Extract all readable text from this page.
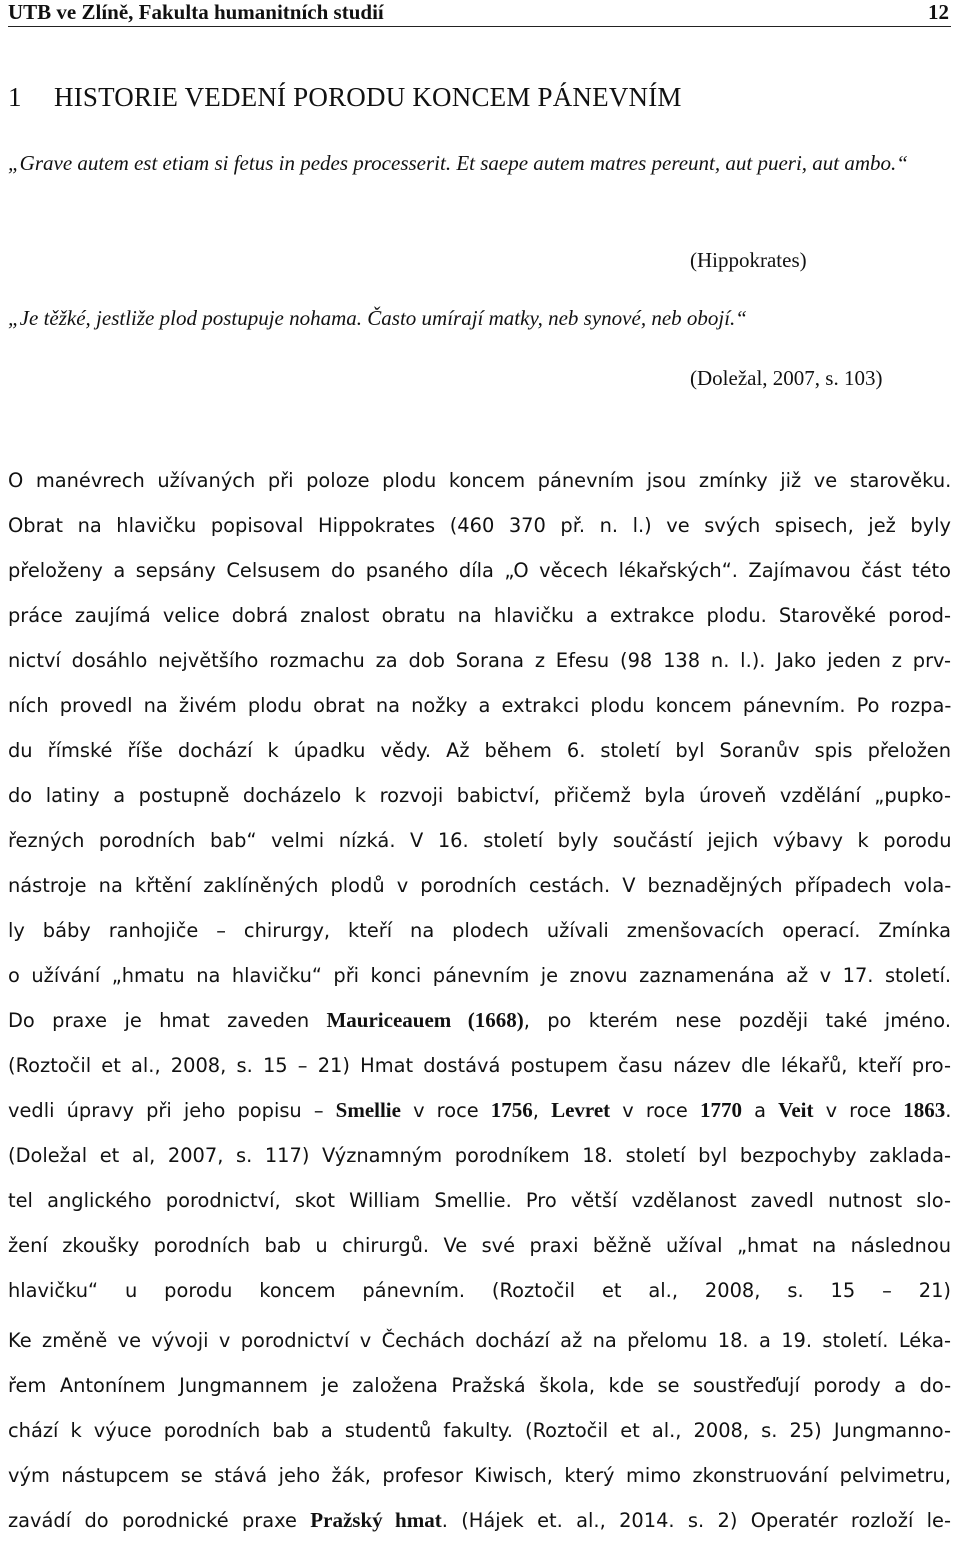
UTB ve Zlíně, Fakulta humanitních studií	12
1 HISTORIE VEDENÍ PORODU KONCEM PÁNEVNÍM
„Grave autem est etiam si fetus in pedes processerit. Et saepe autem matres pereunt, aut pueri, aut ambo.“
(Hippokrates)
„Je těžké, jestliže plod postupuje nohama. Často umírají matky, neb synové, neb obojí.“
(Doležal, 2007, s. 103)
O manévrech užívaných při poloze plodu koncem pánevním jsou zmínky již ve starověku.
Obrat na hlavičku popisoval Hippokrates (460 370 př. n. l.) ve svých spisech, jež byly
přeloženy a sepsány Celsusem do psaného díla „O věcech lékařských“. Zajímavou část této
práce zaujímá velice dobrá znalost obratu na hlavičku a extrakce plodu. Starověké porod-
nictví dosáhlo největšího rozmachu za dob Sorana z Efesu (98 138 n. l.). Jako jeden z prv-
ních provedl na živém plodu obrat na nožky a extrakci plodu koncem pánevním. Po rozpa-
du římské říše dochází k úpadku vědy. Až během 6. století byl Soranův spis přeložen
do latiny a postupně docházelo k rozvoji babictví, přičemž byla úroveň vzdělání „pupko-
řezných porodních bab“ velmi nízká. V 16. století byly součástí jejich výbavy k porodu
nástroje na křtění zaklíněných plodů v porodních cestách. V beznadějných případech vola-
ly báby ranhojiče – chirurgy, kteří na plodech užívali zmenšovacích operací. Zmínka
o užívání „hmatu na hlavičku“ při konci pánevním je znovu zaznamenána až v 17. století.
Do praxe je hmat zaveden Mauriceauem (1668), po kterém nese později také jméno.
(Roztočil et al., 2008, s. 15 – 21) Hmat dostává postupem času název dle lékařů, kteří pro-
vedli úpravy při jeho popisu – Smellie v roce 1756, Levret v roce 1770 a Veit v roce 1863.
(Doležal et al, 2007, s. 117) Významným porodníkem 18. století byl bezpochyby zaklada-
tel anglického porodnictví, skot William Smellie. Pro větší vzdělanost zavedl nutnost slo-
žení zkoušky porodních bab u chirurgů. Ve své praxi běžně užíval „hmat na následnou
hlavičku“ u porodu koncem pánevním. (Roztočil et al., 2008, s. 15 – 21)
Ke změně ve vývoji v porodnictví v Čechách dochází až na přelomu 18. a 19. století. Léka-
řem Antonínem Jungmannem je založena Pražská škola, kde se soustřeďují porody a do-
chází k výuce porodních bab a studentů fakulty. (Roztočil et al., 2008, s. 25) Jungmanno-
vým nástupcem se stává jeho žák, profesor Kiwisch, který mimo zkonstruování pelvimetru,
zavádí do porodnické praxe Pražský hmat. (Hájek et. al., 2014. s. 2) Operatér rozloží le-
